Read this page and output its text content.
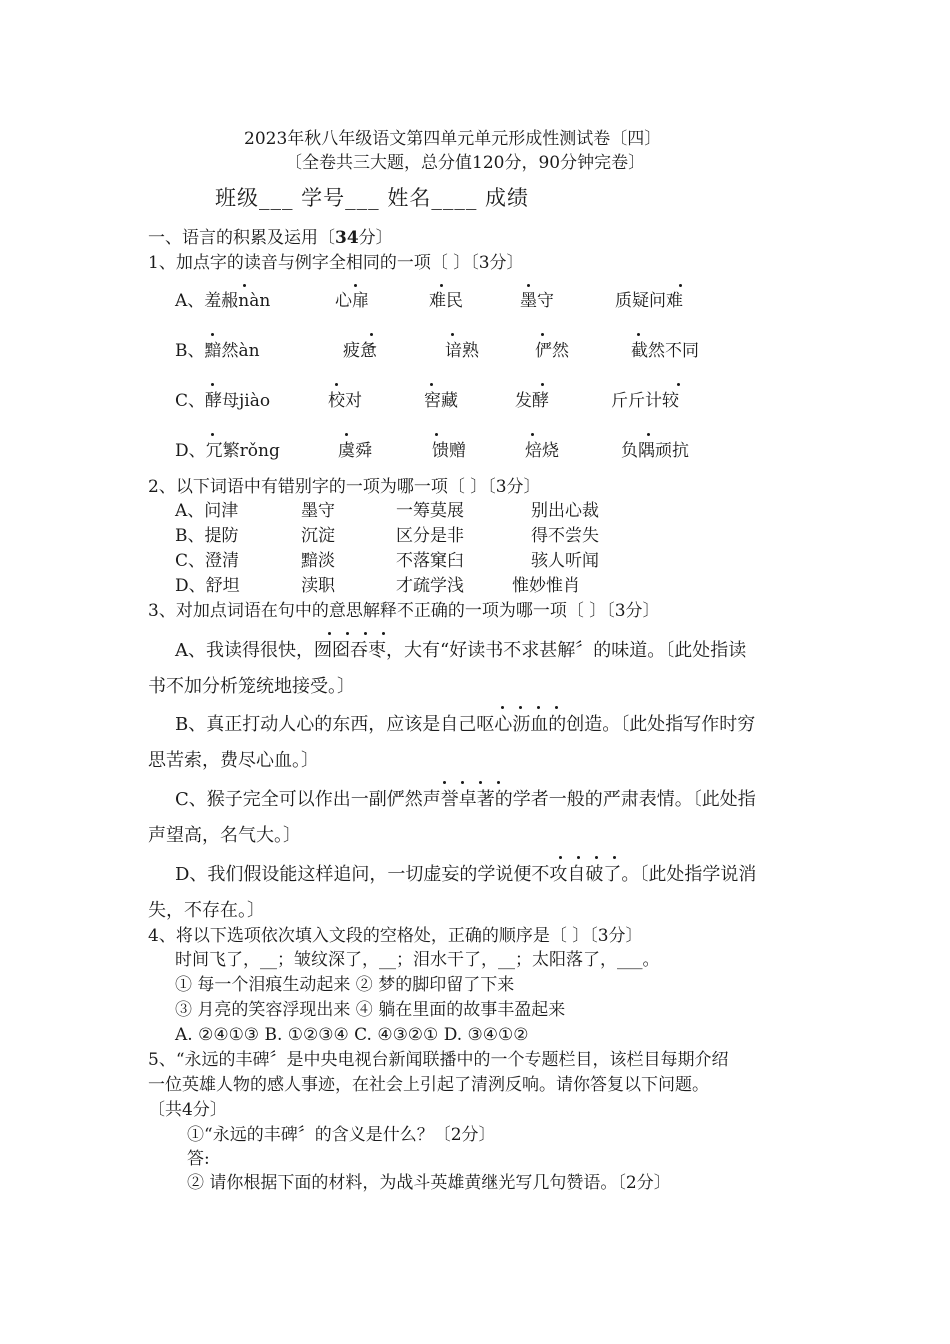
2023年秋八年级语文第四单元单元形成性测试卷〔四〕
〔全卷共三大题，总分值120分，90分钟完卷〕
班级___ 学号___ 姓名____ 成绩
一、语言的积累及运用〔34分〕
1、加点字的读音与例字全相同的一项〔 〕〔3分〕
A、羞赧nàn	心扉	难民	墨守	质疑问难
B、黯然àn	疲惫	谙熟	俨然	截然不同
C、酵母jiào	校对	窖藏	发酵	斤斤计较
D、冗繁rǒng	虞舜	馈赠	焙烧	负隅顽抗
2、以下词语中有错别字的一项为哪一项〔 〕〔3分〕
A、问津	墨守	一筹莫展	别出心裁
B、提防	沉淀	区分是非	得不尝失
C、澄清	黯淡	不落窠臼	骇人听闻
D、舒坦	渎职	才疏学浅	惟妙惟肖
3、对加点词语在句中的意思解释不正确的一项为哪一项〔 〕〔3分〕
A、我读得很快，囫囵吞枣，大有“好读书不求甚解〞的味道。〔此处指读
书不加分析笼统地接受。〕
B、真正打动人心的东西，应该是自己呕心沥血的创造。〔此处指写作时穷
思苦索，费尽心血。〕
C、猴子完全可以作出一副俨然声誉卓著的学者一般的严肃表情。〔此处指
声望高，名气大。〕
D、我们假设能这样追问，一切虚妄的学说便不攻自破了。〔此处指学说消
失，不存在。〕
4、将以下选项依次填入文段的空格处，正确的顺序是〔 〕〔3分〕
时间飞了，__；皱纹深了，__；泪水干了，__；太阳落了，___。
① 每一个泪痕生动起来 ② 梦的脚印留了下来
③ 月亮的笑容浮现出来 ④ 躺在里面的故事丰盈起来
A. ②④①③ B. ①②③④ C. ④③②① D. ③④①②
5、“永远的丰碑〞是中央电视台新闻联播中的一个专题栏目，该栏目每期介绍
一位英雄人物的感人事迹，在社会上引起了清洌反响。请你答复以下问题。
〔共4分〕
①“永远的丰碑〞的含义是什么？〔2分〕
答:
② 请你根据下面的材料，为战斗英雄黄继光写几句赞语。〔2分〕
